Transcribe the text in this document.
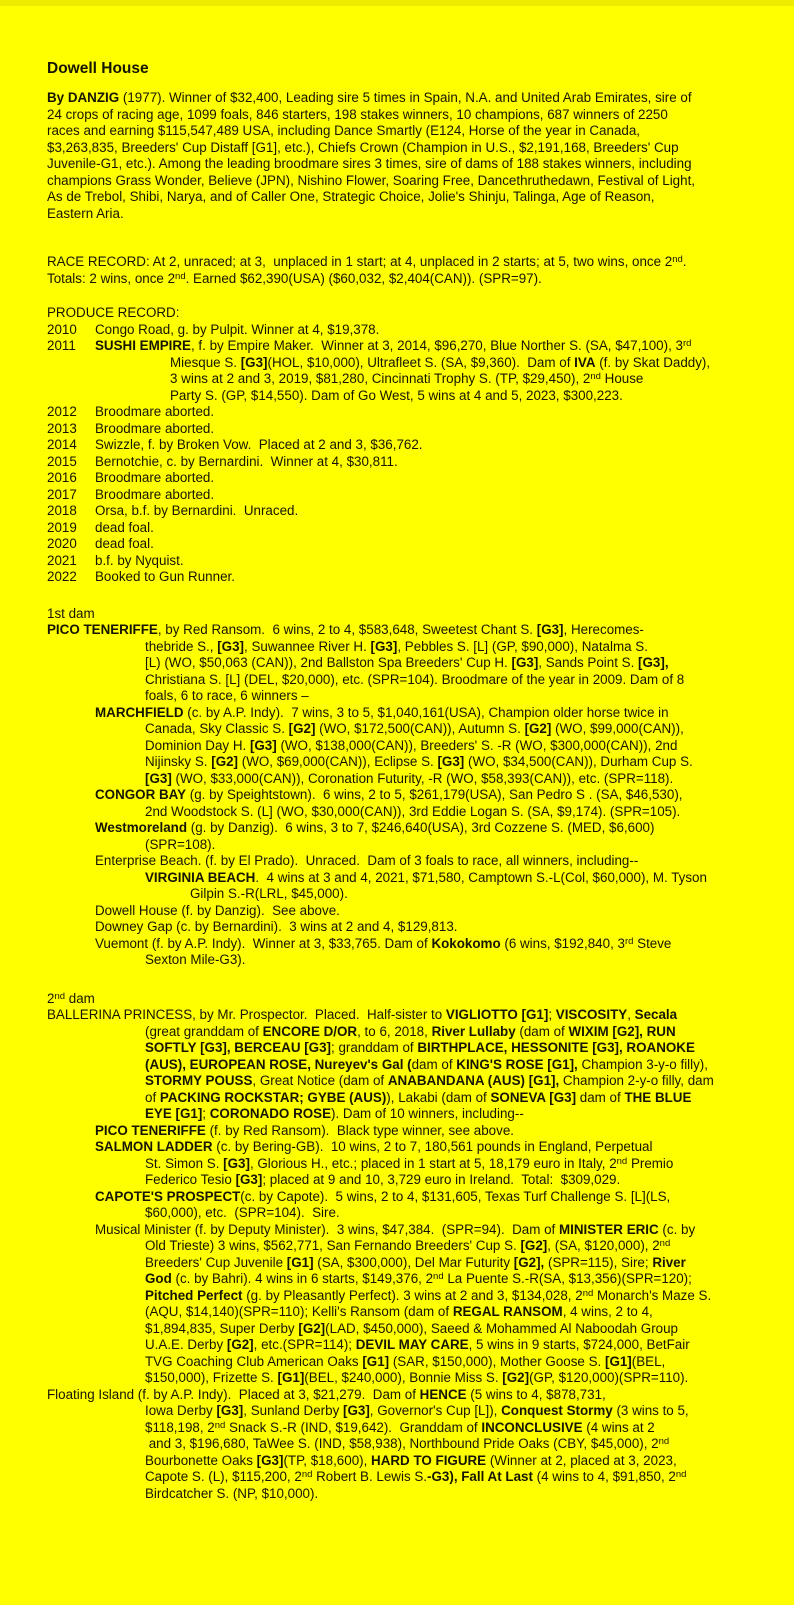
Dowell House
By DANZIG (1977). Winner of $32,400, Leading sire 5 times in Spain, N.A. and United Arab Emirates, sire of
24 crops of racing age, 1099 foals, 846 starters, 198 stakes winners, 10 champions, 687 winners of 2250
races and earning $115,547,489 USA, including Dance Smartly (E124, Horse of the year in Canada,
$3,263,835, Breeders' Cup Distaff [G1], etc.), Chiefs Crown (Champion in U.S., $2,191,168, Breeders' Cup
Juvenile-G1, etc.). Among the leading broodmare sires 3 times, sire of dams of 188 stakes winners, including
champions Grass Wonder, Believe (JPN), Nishino Flower, Soaring Free, Dancethruthedawn, Festival of Light,
As de Trebol, Shibi, Narya, and of Caller One, Strategic Choice, Jolie's Shinju, Talinga, Age of Reason,
Eastern Aria.
RACE RECORD: At 2, unraced; at 3,  unplaced in 1 start; at 4, unplaced in 2 starts; at 5, two wins, once 2nd.
Totals: 2 wins, once 2nd. Earned $62,390(USA) ($60,032, $2,404(CAN)). (SPR=97).
PRODUCE RECORD:
2010 Congo Road, g. by Pulpit. Winner at 4, $19,378.
2011 SUSHI EMPIRE, f. by Empire Maker.  Winner at 3, 2014, $96,270, Blue Norther S. (SA, $47,100), 3rd
Miesque S. [G3](HOL, $10,000), Ultrafleet S. (SA, $9,360).  Dam of IVA (f. by Skat Daddy),
3 wins at 2 and 3, 2019, $81,280, Cincinnati Trophy S. (TP, $29,450), 2nd House
Party S. (GP, $14,550). Dam of Go West, 5 wins at 4 and 5, 2023, $300,223.
2012 Broodmare aborted.
2013 Broodmare aborted.
2014 Swizzle, f. by Broken Vow.  Placed at 2 and 3, $36,762.
2015 Bernotchie, c. by Bernardini.  Winner at 4, $30,811.
2016 Broodmare aborted.
2017 Broodmare aborted.
2018 Orsa, b.f. by Bernardini.  Unraced.
2019 dead foal.
2020 dead foal.
2021 b.f. by Nyquist.
2022 Booked to Gun Runner.
1st dam
PICO TENERIFFE, by Red Ransom.  6 wins, 2 to 4, $583,648, Sweetest Chant S. [G3], Herecomes-
thebride S., [G3], Suwannee River H. [G3], Pebbles S. [L] (GP, $90,000), Natalma S.
[L) (WO, $50,063 (CAN)), 2nd Ballston Spa Breeders' Cup H. [G3], Sands Point S. [G3],
Christiana S. [L] (DEL, $20,000), etc. (SPR=104). Broodmare of the year in 2009. Dam of 8
foals, 6 to race, 6 winners –
MARCHFIELD (c. by A.P. Indy).  7 wins, 3 to 5, $1,040,161(USA), Champion older horse twice in
Canada, Sky Classic S. [G2] (WO, $172,500(CAN)), Autumn S. [G2] (WO, $99,000(CAN)),
Dominion Day H. [G3] (WO, $138,000(CAN)), Breeders' S. -R (WO, $300,000(CAN)), 2nd
Nijinsky S. [G2] (WO, $69,000(CAN)), Eclipse S. [G3] (WO, $34,500(CAN)), Durham Cup S.
[G3] (WO, $33,000(CAN)), Coronation Futurity, -R (WO, $58,393(CAN)), etc. (SPR=118).
CONGOR BAY (g. by Speightstown).  6 wins, 2 to 5, $261,179(USA), San Pedro S . (SA, $46,530),
2nd Woodstock S. (L] (WO, $30,000(CAN)), 3rd Eddie Logan S. (SA, $9,174). (SPR=105).
Westmoreland (g. by Danzig).  6 wins, 3 to 7, $246,640(USA), 3rd Cozzene S. (MED, $6,600)
(SPR=108).
Enterprise Beach. (f. by El Prado).  Unraced.  Dam of 3 foals to race, all winners, including--
VIRGINIA BEACH.  4 wins at 3 and 4, 2021, $71,580, Camptown S.-L(Col, $60,000), M. Tyson
Gilpin S.-R(LRL, $45,000).
Dowell House (f. by Danzig).  See above.
Downey Gap (c. by Bernardini).  3 wins at 2 and 4, $129,813.
Vuemont (f. by A.P. Indy).  Winner at 3, $33,765. Dam of Kokokomo (6 wins, $192,840, 3rd Steve
Sexton Mile-G3).
2nd dam
BALLERINA PRINCESS, by Mr. Prospector.  Placed.  Half-sister to VIGLIOTTO [G1]; VISCOSITY, Secala
(great granddam of ENCORE D/OR, to 6, 2018, River Lullaby (dam of WIXIM [G2], RUN
SOFTLY [G3], BERCEAU [G3]; granddam of BIRTHPLACE, HESSONITE [G3], ROANOKE
(AUS), EUROPEAN ROSE, Nureyev's Gal (dam of KING'S ROSE [G1], Champion 3-y-o filly),
STORMY POUSS, Great Notice (dam of ANABANDANA (AUS) [G1], Champion 2-y-o filly, dam
of PACKING ROCKSTAR; GYBE (AUS)), Lakabi (dam of SONEVA [G3] dam of THE BLUE
EYE [G1]; CORONADO ROSE). Dam of 10 winners, including--
PICO TENERIFFE (f. by Red Ransom).  Black type winner, see above.
SALMON LADDER (c. by Bering-GB).  10 wins, 2 to 7, 180,561 pounds in England, Perpetual
St. Simon S. [G3], Glorious H., etc.; placed in 1 start at 5, 18,179 euro in Italy, 2nd Premio
Federico Tesio [G3]; placed at 9 and 10, 3,729 euro in Ireland.  Total:  $309,029.
CAPOTE'S PROSPECT(c. by Capote).  5 wins, 2 to 4, $131,605, Texas Turf Challenge S. [L](LS,
$60,000), etc.  (SPR=104).  Sire.
Musical Minister (f. by Deputy Minister).  3 wins, $47,384.  (SPR=94).  Dam of MINISTER ERIC (c. by
Old Trieste) 3 wins, $562,771, San Fernando Breeders' Cup S. [G2], (SA, $120,000), 2nd
Breeders' Cup Juvenile [G1] (SA, $300,000), Del Mar Futurity [G2], (SPR=115), Sire; River
God (c. by Bahri). 4 wins in 6 starts, $149,376, 2nd La Puente S.-R(SA, $13,356)(SPR=120);
Pitched Perfect (g. by Pleasantly Perfect). 3 wins at 2 and 3, $134,028, 2nd Monarch's Maze S.
(AQU, $14,140)(SPR=110); Kelli's Ransom (dam of REGAL RANSOM, 4 wins, 2 to 4,
$1,894,835, Super Derby [G2](LAD, $450,000), Saeed & Mohammed Al Naboodah Group
U.A.E. Derby [G2], etc.(SPR=114); DEVIL MAY CARE, 5 wins in 9 starts, $724,000, BetFair
TVG Coaching Club American Oaks [G1] (SAR, $150,000), Mother Goose S. [G1](BEL,
$150,000), Frizette S. [G1](BEL, $240,000), Bonnie Miss S. [G2](GP, $120,000)(SPR=110).
Floating Island (f. by A.P. Indy).  Placed at 3, $21,279.  Dam of HENCE (5 wins to 4, $878,731,
Iowa Derby [G3], Sunland Derby [G3], Governor's Cup [L]), Conquest Stormy (3 wins to 5,
$118,198, 2nd Snack S.-R (IND, $19,642).  Granddam of INCONCLUSIVE (4 wins at 2
and 3, $196,680, TaWee S. (IND, $58,938), Northbound Pride Oaks (CBY, $45,000), 2nd
Bourbonette Oaks [G3](TP, $18,600), HARD TO FIGURE (Winner at 2, placed at 3, 2023,
Capote S. (L), $115,200, 2nd Robert B. Lewis S.-G3), Fall At Last (4 wins to 4, $91,850, 2nd
Birdcatcher S. (NP, $10,000).
